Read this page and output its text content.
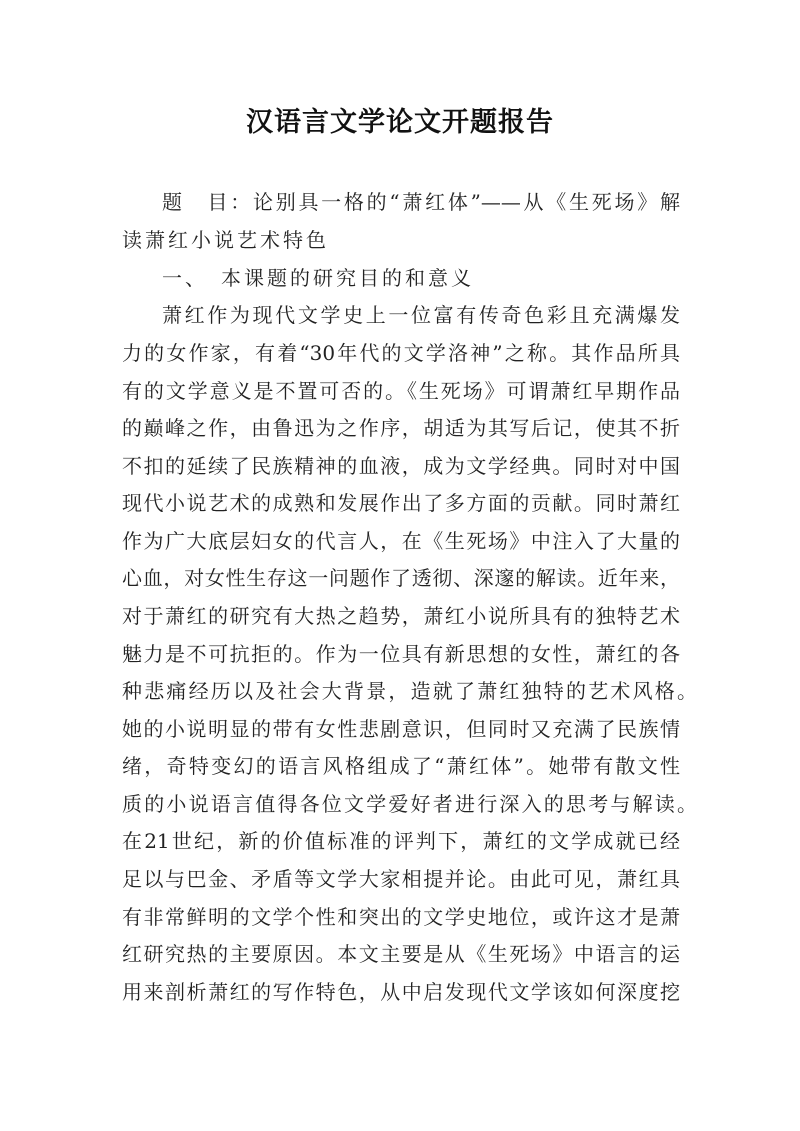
汉语言文学论文开题报告
题　目：论别具一格的“萧红体”——从《生死场》解
读萧红小说艺术特色
一、　本课题的研究目的和意义
萧红作为现代文学史上一位富有传奇色彩且充满爆发
力的女作家，有着“30年代的文学洛神”之称。其作品所具
有的文学意义是不置可否的。《生死场》可谓萧红早期作品
的巅峰之作，由鲁迅为之作序，胡适为其写后记，使其不折
不扣的延续了民族精神的血液，成为文学经典。同时对中国
现代小说艺术的成熟和发展作出了多方面的贡献。同时萧红
作为广大底层妇女的代言人，在《生死场》中注入了大量的
心血，对女性生存这一问题作了透彻、深邃的解读。近年来，
对于萧红的研究有大热之趋势，萧红小说所具有的独特艺术
魅力是不可抗拒的。作为一位具有新思想的女性，萧红的各
种悲痛经历以及社会大背景，造就了萧红独特的艺术风格。
她的小说明显的带有女性悲剧意识，但同时又充满了民族情
绪，奇特变幻的语言风格组成了“萧红体”。她带有散文性
质的小说语言值得各位文学爱好者进行深入的思考与解读。
在21世纪，新的价值标准的评判下，萧红的文学成就已经
足以与巴金、矛盾等文学大家相提并论。由此可见，萧红具
有非常鲜明的文学个性和突出的文学史地位，或许这才是萧
红研究热的主要原因。本文主要是从《生死场》中语言的运
用来剖析萧红的写作特色，从中启发现代文学该如何深度挖
